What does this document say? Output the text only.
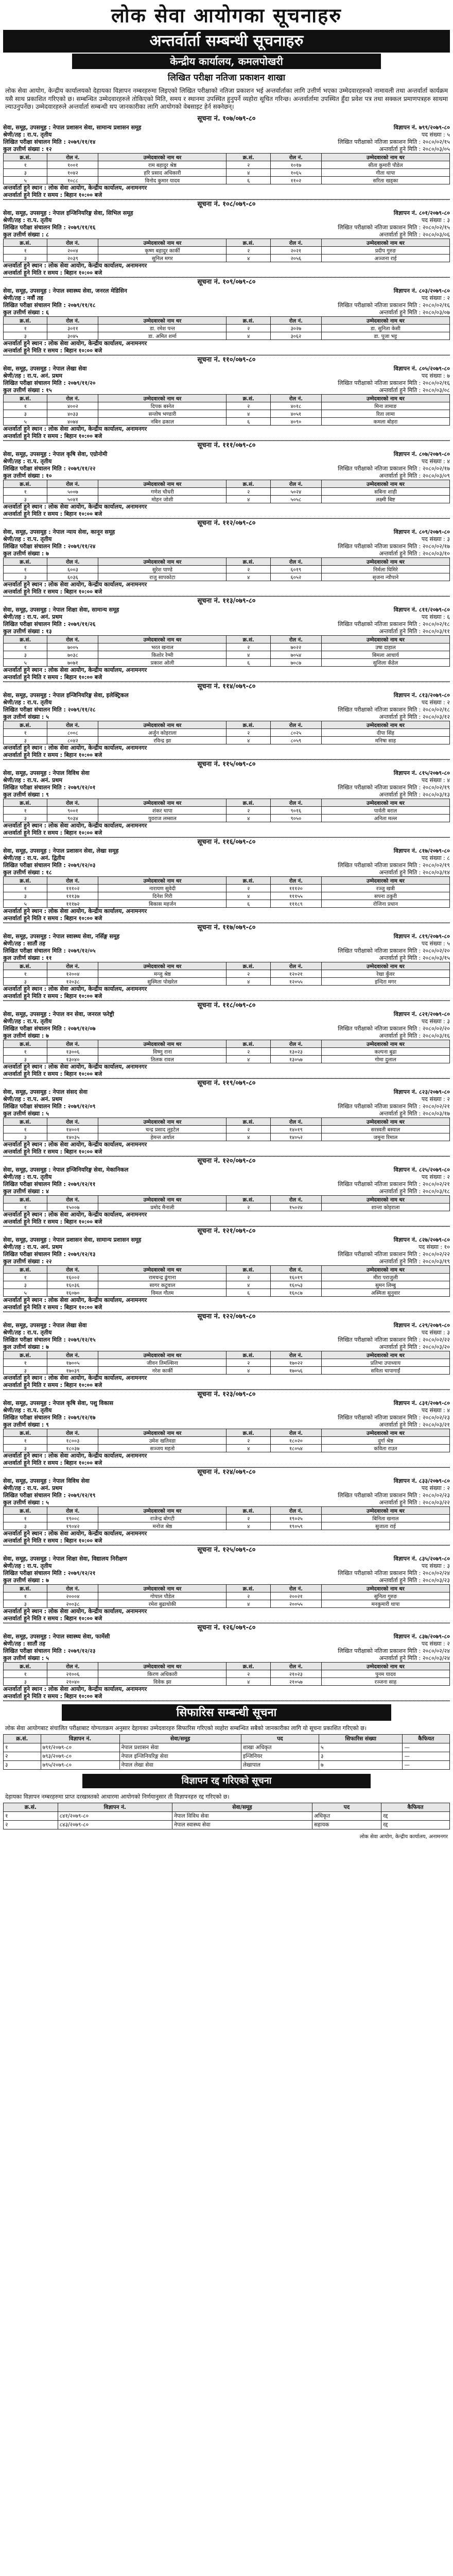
लोक सेवा आयोगका सूचनाहरु
अन्तर्वार्ता सम्बन्धी सूचनाहरु
केन्द्रीय कार्यालय, कमलपोखरी
लिखित परीक्षा नतिजा प्रकाशन शाखा
लोक सेवा आयोग, केन्द्रीय कार्यालयको देहायका विज्ञापन नम्बरहरुमा लिइएको लिखित परीक्षाको नतिजा प्रकाशन भई अन्तर्वार्ताका लागि उत्तीर्ण भएका उम्मेदवारहरुको नामावली तथा अन्तर्वार्ता कार्यक्रम यसै साथ प्रकाशित गरिएको छ। सम्बन्धित उम्मेदवारहरुले तोकिएको मिति, समय र स्थानमा उपस्थित हुनुपर्ने व्यहोरा सूचित गरिन्छ। अन्तर्वार्तामा उपस्थित हुँदा प्रवेश पत्र तथा सक्कल प्रमाणपत्रहरु साथमा ल्याउनुपर्नेछ। उम्मेदवारहरुले अन्तर्वार्ता सम्बन्धी थप जानकारीका लागि आयोगको वेबसाइट हेर्न सक्नेछन्।
सूचना नं. १०७/०७९-८०
सेवा, समूह, उपसमूह : नेपाल प्रशासन सेवा, सामान्य प्रशासन समूह	विज्ञापन नं. ७९९/२०७९-८०
श्रेणी/तह : रा.प. तृतीय	पद संख्या : ५
लिखित परीक्षा संचालन मिति : २०७९/११/१४	लिखित परीक्षाको नतिजा प्रकाशन मिति : २०८०/०२/१५
कुल उत्तीर्ण संख्या : १२	अन्तर्वार्ता हुने मिति : २०८०/०३/०५
क्र.सं.	रोल नं.	उम्मेदवारको नाम थर	क्र.सं.	रोल नं.	उम्मेदवारको नाम थर
१	१००१	राम बहादुर श्रेष्ठ	२	१०१७	सीता कुमारी पौडेल
३	१०४२	हरि प्रसाद अधिकारी	४	१०६५	गीता थापा
५	१०८८	विनोद कुमार यादव	६	११०२	सरिता खड्का
अन्तर्वार्ता हुने स्थान : लोक सेवा आयोग, केन्द्रीय कार्यालय, अनामनगर
अन्तर्वार्ता हुने मिति र समय : बिहान १०:०० बजे
सूचना नं. १०८/०७९-८०
सेवा, समूह, उपसमूह : नेपाल इन्जिनियरिङ्ग सेवा, सिभिल समूह	विज्ञापन नं. ८०१/२०७९-८०
श्रेणी/तह : रा.प. तृतीय	पद संख्या : ३
लिखित परीक्षा संचालन मिति : २०७९/११/१६	लिखित परीक्षाको नतिजा प्रकाशन मिति : २०८०/०२/१५
कुल उत्तीर्ण संख्या : ८	अन्तर्वार्ता हुने मिति : २०८०/०३/०६
क्र.सं.	रोल नं.	उम्मेदवारको नाम थर	क्र.सं.	रोल नं.	उम्मेदवारको नाम थर
१	२००४	कृष्ण बहादुर कार्की	२	२०२१	प्रदीप गुरुङ
३	२०३९	सुनिल मगर	४	२०५६	अञ्जना राई
अन्तर्वार्ता हुने स्थान : लोक सेवा आयोग, केन्द्रीय कार्यालय, अनामनगर
अन्तर्वार्ता हुने मिति र समय : बिहान १०:०० बजे
सूचना नं. १०९/०७९-८०
सेवा, समूह, उपसमूह : नेपाल स्वास्थ्य सेवा, जनरल मेडिसिन	विज्ञापन नं. ८०३/२०७९-८०
श्रेणी/तह : नवौं तह	पद संख्या : २
लिखित परीक्षा संचालन मिति : २०७९/११/१८	लिखित परीक्षाको नतिजा प्रकाशन मिति : २०८०/०२/१६
कुल उत्तीर्ण संख्या : ६	अन्तर्वार्ता हुने मिति : २०८०/०३/०७
क्र.सं.	रोल नं.	उम्मेदवारको नाम थर	क्र.सं.	रोल नं.	उम्मेदवारको नाम थर
१	३०११	डा. रमेश पन्त	२	३०२७	डा. सुनिता केसी
३	३०४५	डा. अमित शर्मा	४	३०६२	डा. पूजा भट्ट
अन्तर्वार्ता हुने स्थान : लोक सेवा आयोग, केन्द्रीय कार्यालय, अनामनगर
अन्तर्वार्ता हुने मिति र समय : बिहान १०:०० बजे
सूचना नं. ११०/०७९-८०
सेवा, समूह, उपसमूह : नेपाल लेखा सेवा	विज्ञापन नं. ८०५/२०७९-८०
श्रेणी/तह : रा.प. अनं. प्रथम	पद संख्या : ७
लिखित परीक्षा संचालन मिति : २०७९/११/२०	लिखित परीक्षाको नतिजा प्रकाशन मिति : २०८०/०२/१६
कुल उत्तीर्ण संख्या : १५	अन्तर्वार्ता हुने मिति : २०८०/०३/०८
क्र.सं.	रोल नं.	उम्मेदवारको नाम थर	क्र.सं.	रोल नं.	उम्मेदवारको नाम थर
१	४००२	दिपक बस्नेत	२	४०१८	मिना तामाङ
३	४०३३	सन्तोष भण्डारी	४	४०५१	रिता लामा
५	४०७४	नबिन ढकाल	६	४०९०	कमला बोहरा
अन्तर्वार्ता हुने स्थान : लोक सेवा आयोग, केन्द्रीय कार्यालय, अनामनगर
अन्तर्वार्ता हुने मिति र समय : बिहान १०:०० बजे
सूचना नं. १११/०७९-८०
सेवा, समूह, उपसमूह : नेपाल कृषि सेवा, एग्रोनोमी	विज्ञापन नं. ८०७/२०७९-८०
श्रेणी/तह : रा.प. तृतीय	पद संख्या : ४
लिखित परीक्षा संचालन मिति : २०७९/११/२२	लिखित परीक्षाको नतिजा प्रकाशन मिति : २०८०/०२/१७
कुल उत्तीर्ण संख्या : १०	अन्तर्वार्ता हुने मिति : २०८०/०३/०९
क्र.सं.	रोल नं.	उम्मेदवारको नाम थर	क्र.सं.	रोल नं.	उम्मेदवारको नाम थर
१	५००७	गणेश चौधरी	२	५०२४	सबिना शाही
३	५०४१	मोहन जोशी	४	५०५८	लक्ष्मी बिष्ट
अन्तर्वार्ता हुने स्थान : लोक सेवा आयोग, केन्द्रीय कार्यालय, अनामनगर
अन्तर्वार्ता हुने मिति र समय : बिहान १०:०० बजे
सूचना नं. ११२/०७९-८०
सेवा, समूह, उपसमूह : नेपाल न्याय सेवा, कानून समूह	विज्ञापन नं. ८०९/२०७९-८०
श्रेणी/तह : रा.प. तृतीय	पद संख्या : ३
लिखित परीक्षा संचालन मिति : २०७९/११/२४	लिखित परीक्षाको नतिजा प्रकाशन मिति : २०८०/०२/१७
कुल उत्तीर्ण संख्या : ७	अन्तर्वार्ता हुने मिति : २०८०/०३/१०
क्र.सं.	रोल नं.	उम्मेदवारको नाम थर	क्र.सं.	रोल नं.	उम्मेदवारको नाम थर
१	६००३	सुरेश पाण्डे	२	६०१९	निर्मला घिमिरे
३	६०३६	राजु सापकोटा	४	६०५२	सृजना न्यौपाने
अन्तर्वार्ता हुने स्थान : लोक सेवा आयोग, केन्द्रीय कार्यालय, अनामनगर
अन्तर्वार्ता हुने मिति र समय : बिहान १०:०० बजे
सूचना नं. ११३/०७९-८०
सेवा, समूह, उपसमूह : नेपाल शिक्षा सेवा, सामान्य समूह	विज्ञापन नं. ८११/२०७९-८०
श्रेणी/तह : रा.प. अनं. प्रथम	पद संख्या : ६
लिखित परीक्षा संचालन मिति : २०७९/११/२६	लिखित परीक्षाको नतिजा प्रकाशन मिति : २०८०/०२/१८
कुल उत्तीर्ण संख्या : १३	अन्तर्वार्ता हुने मिति : २०८०/०३/११
क्र.सं.	रोल नं.	उम्मेदवारको नाम थर	क्र.सं.	रोल नं.	उम्मेदवारको नाम थर
१	७००५	भरत खनाल	२	७०२२	उषा दाहाल
३	७०३८	किशोर रेग्मी	४	७०५४	बिमला आचार्य
५	७०७१	प्रकाश ओली	६	७०८७	सुशिला कँडेल
अन्तर्वार्ता हुने स्थान : लोक सेवा आयोग, केन्द्रीय कार्यालय, अनामनगर
अन्तर्वार्ता हुने मिति र समय : बिहान १०:०० बजे
सूचना नं. ११४/०७९-८०
सेवा, समूह, उपसमूह : नेपाल इन्जिनियरिङ्ग सेवा, इलेक्ट्रिकल	विज्ञापन नं. ८१३/२०७९-८०
श्रेणी/तह : रा.प. तृतीय	पद संख्या : २
लिखित परीक्षा संचालन मिति : २०७९/११/२८	लिखित परीक्षाको नतिजा प्रकाशन मिति : २०८०/०२/१८
कुल उत्तीर्ण संख्या : ५	अन्तर्वार्ता हुने मिति : २०८०/०३/१२
क्र.सं.	रोल नं.	उम्मेदवारको नाम थर	क्र.सं.	रोल नं.	उम्मेदवारको नाम थर
१	८००८	अर्जुन कोइराला	२	८०२५	दीपा सिंह
३	८०४२	रविन्द्र झा	४	८०५९	मनिषा साह
अन्तर्वार्ता हुने स्थान : लोक सेवा आयोग, केन्द्रीय कार्यालय, अनामनगर
अन्तर्वार्ता हुने मिति र समय : बिहान १०:०० बजे
सूचना नं. ११५/०७९-८०
सेवा, समूह, उपसमूह : नेपाल विविध सेवा	विज्ञापन नं. ८१५/२०७९-८०
श्रेणी/तह : रा.प. अनं. प्रथम	पद संख्या : ४
लिखित परीक्षा संचालन मिति : २०७९/१२/०१	लिखित परीक्षाको नतिजा प्रकाशन मिति : २०८०/०२/१९
कुल उत्तीर्ण संख्या : ९	अन्तर्वार्ता हुने मिति : २०८०/०३/१३
क्र.सं.	रोल नं.	उम्मेदवारको नाम थर	क्र.सं.	रोल नं.	उम्मेदवारको नाम थर
१	९००१	शंकर थापा	२	९०१६	पार्वती बराल
३	९०३४	युवराज लम्साल	४	९०५०	अनिता मल्ल
अन्तर्वार्ता हुने स्थान : लोक सेवा आयोग, केन्द्रीय कार्यालय, अनामनगर
अन्तर्वार्ता हुने मिति र समय : बिहान १०:०० बजे
सूचना नं. ११६/०७९-८०
सेवा, समूह, उपसमूह : नेपाल प्रशासन सेवा, लेखा समूह	विज्ञापन नं. ८१७/२०७९-८०
श्रेणी/तह : रा.प. अनं. द्वितीय	पद संख्या : ८
लिखित परीक्षा संचालन मिति : २०७९/१२/०३	लिखित परीक्षाको नतिजा प्रकाशन मिति : २०८०/०२/१९
कुल उत्तीर्ण संख्या : १८	अन्तर्वार्ता हुने मिति : २०८०/०३/१४
क्र.सं.	रोल नं.	उम्मेदवारको नाम थर	क्र.सं.	रोल नं.	उम्मेदवारको नाम थर
१	१११०२	नारायण सुवेदी	२	१११२०	रञ्जु खत्री
३	१११३७	दिनेश गिरी	४	१११५५	सपना ठकुरी
५	१११७२	बिकास महर्जन	६	१११८९	रोजिना प्रधान
अन्तर्वार्ता हुने स्थान : लोक सेवा आयोग, केन्द्रीय कार्यालय, अनामनगर
अन्तर्वार्ता हुने मिति र समय : बिहान १०:०० बजे
सूचना नं. ११७/०७९-८०
सेवा, समूह, उपसमूह : नेपाल स्वास्थ्य सेवा, नर्सिङ्ग समूह	विज्ञापन नं. ८१९/२०७९-८०
श्रेणी/तह : सातौं तह	पद संख्या : ५
लिखित परीक्षा संचालन मिति : २०७९/१२/०५	लिखित परीक्षाको नतिजा प्रकाशन मिति : २०८०/०२/२०
कुल उत्तीर्ण संख्या : ११	अन्तर्वार्ता हुने मिति : २०८०/०३/१५
क्र.सं.	रोल नं.	उम्मेदवारको नाम थर	क्र.सं.	रोल नं.	उम्मेदवारको नाम थर
१	१२००४	मन्जु श्रेष्ठ	२	१२०२१	रेखा कुँवर
३	१२०३८	सुस्मिता पोखरेल	४	१२०५५	इन्दिरा मगर
अन्तर्वार्ता हुने स्थान : लोक सेवा आयोग, केन्द्रीय कार्यालय, अनामनगर
अन्तर्वार्ता हुने मिति र समय : बिहान १०:०० बजे
सूचना नं. ११८/०७९-८०
सेवा, समूह, उपसमूह : नेपाल वन सेवा, जनरल फरेष्ट्री	विज्ञापन नं. ८२१/२०७९-८०
श्रेणी/तह : रा.प. तृतीय	पद संख्या : ३
लिखित परीक्षा संचालन मिति : २०७९/१२/०७	लिखित परीक्षाको नतिजा प्रकाशन मिति : २०८०/०२/२०
कुल उत्तीर्ण संख्या : ७	अन्तर्वार्ता हुने मिति : २०८०/०३/१६
क्र.सं.	रोल नं.	उम्मेदवारको नाम थर	क्र.सं.	रोल नं.	उम्मेदवारको नाम थर
१	१३००६	विष्णु राना	२	१३०२३	कल्पना बुढा
३	१३०४०	तिलक रावल	४	१३०५७	गोमा दुलाल
अन्तर्वार्ता हुने स्थान : लोक सेवा आयोग, केन्द्रीय कार्यालय, अनामनगर
अन्तर्वार्ता हुने मिति र समय : बिहान १०:०० बजे
सूचना नं. ११९/०७९-८०
सेवा, समूह, उपसमूह : नेपाल संसद सेवा	विज्ञापन नं. ८२३/२०७९-८०
श्रेणी/तह : रा.प. अनं. प्रथम	पद संख्या : २
लिखित परीक्षा संचालन मिति : २०७९/१२/०९	लिखित परीक्षाको नतिजा प्रकाशन मिति : २०८०/०२/२१
कुल उत्तीर्ण संख्या : ५	अन्तर्वार्ता हुने मिति : २०८०/०३/१७
क्र.सं.	रोल नं.	उम्मेदवारको नाम थर	क्र.सं.	रोल नं.	उम्मेदवारको नाम थर
१	१४००१	चन्द्र प्रसाद लुइटेल	२	१४०१९	सरस्वती बस्याल
३	१४०३५	हेमन्त अर्याल	४	१४०५२	जमुना रिमाल
अन्तर्वार्ता हुने स्थान : लोक सेवा आयोग, केन्द्रीय कार्यालय, अनामनगर
अन्तर्वार्ता हुने मिति र समय : बिहान १०:०० बजे
सूचना नं. १२०/०७९-८०
सेवा, समूह, उपसमूह : नेपाल इन्जिनियरिङ्ग सेवा, मेकानिकल	विज्ञापन नं. ८२५/२०७९-८०
श्रेणी/तह : रा.प. तृतीय	पद संख्या : २
लिखित परीक्षा संचालन मिति : २०७९/१२/११	लिखित परीक्षाको नतिजा प्रकाशन मिति : २०८०/०२/२१
कुल उत्तीर्ण संख्या : ४	अन्तर्वार्ता हुने मिति : २०८०/०३/१८
क्र.सं.	रोल नं.	उम्मेदवारको नाम थर	क्र.सं.	रोल नं.	उम्मेदवारको नाम थर
१	१५००७	प्रमोद मैनाली	२	१५०२४	शान्ता कोइराला
अन्तर्वार्ता हुने स्थान : लोक सेवा आयोग, केन्द्रीय कार्यालय, अनामनगर
अन्तर्वार्ता हुने मिति र समय : बिहान १०:०० बजे
सूचना नं. १२१/०७९-८०
सेवा, समूह, उपसमूह : नेपाल प्रशासन सेवा, सामान्य प्रशासन समूह	विज्ञापन नं. ८२७/२०७९-८०
श्रेणी/तह : रा.प. अनं. प्रथम	पद संख्या : १०
लिखित परीक्षा संचालन मिति : २०७९/१२/१३	लिखित परीक्षाको नतिजा प्रकाशन मिति : २०८०/०२/२२
कुल उत्तीर्ण संख्या : २२	अन्तर्वार्ता हुने मिति : २०८०/०३/१९
क्र.सं.	रोल नं.	उम्मेदवारको नाम थर	क्र.सं.	रोल नं.	उम्मेदवारको नाम थर
१	१६००२	रामचन्द्र ढुंगाना	२	१६०१९	मीरा पराजुली
३	१६०३६	सागर कटुवाल	४	१६०५३	सुमन लिम्बु
५	१६०७०	विमल गौतम	६	१६०८७	अस्मिता सुनुवार
अन्तर्वार्ता हुने स्थान : लोक सेवा आयोग, केन्द्रीय कार्यालय, अनामनगर
अन्तर्वार्ता हुने मिति र समय : बिहान १०:०० बजे
सूचना नं. १२२/०७९-८०
सेवा, समूह, उपसमूह : नेपाल लेखा सेवा	विज्ञापन नं. ८२९/२०७९-८०
श्रेणी/तह : रा.प. तृतीय	पद संख्या : ३
लिखित परीक्षा संचालन मिति : २०७९/१२/१५	लिखित परीक्षाको नतिजा प्रकाशन मिति : २०८०/०२/२२
कुल उत्तीर्ण संख्या : ७	अन्तर्वार्ता हुने मिति : २०८०/०३/२०
क्र.सं.	रोल नं.	उम्मेदवारको नाम थर	क्र.सं.	रोल नं.	उम्मेदवारको नाम थर
१	१७००५	जीवन तिमल्सिना	२	१७०२२	प्रतिभा उपाध्याय
३	१७०३९	नरेश कार्की	४	१७०५६	सविता चापागाईं
अन्तर्वार्ता हुने स्थान : लोक सेवा आयोग, केन्द्रीय कार्यालय, अनामनगर
अन्तर्वार्ता हुने मिति र समय : बिहान १०:०० बजे
सूचना नं. १२३/०७९-८०
सेवा, समूह, उपसमूह : नेपाल कृषि सेवा, पशु विकास	विज्ञापन नं. ८३१/२०७९-८०
श्रेणी/तह : रा.प. तृतीय	पद संख्या : ४
लिखित परीक्षा संचालन मिति : २०७९/१२/१७	लिखित परीक्षाको नतिजा प्रकाशन मिति : २०८०/०२/२३
कुल उत्तीर्ण संख्या : ९	अन्तर्वार्ता हुने मिति : २०८०/०३/२१
क्र.सं.	रोल नं.	उम्मेदवारको नाम थर	क्र.सं.	रोल नं.	उम्मेदवारको नाम थर
१	१८००३	उमेश खतिवडा	२	१८०२०	दुर्गा श्रेष्ठ
३	१८०३७	सञ्जय महतो	४	१८०५४	कविता राउत
अन्तर्वार्ता हुने स्थान : लोक सेवा आयोग, केन्द्रीय कार्यालय, अनामनगर
अन्तर्वार्ता हुने मिति र समय : बिहान १०:०० बजे
सूचना नं. १२४/०७९-८०
सेवा, समूह, उपसमूह : नेपाल विविध सेवा	विज्ञापन नं. ८३३/२०७९-८०
श्रेणी/तह : रा.प. अनं. प्रथम	पद संख्या : २
लिखित परीक्षा संचालन मिति : २०७९/१२/१९	लिखित परीक्षाको नतिजा प्रकाशन मिति : २०८०/०२/२३
कुल उत्तीर्ण संख्या : ५	अन्तर्वार्ता हुने मिति : २०८०/०३/२२
क्र.सं.	रोल नं.	उम्मेदवारको नाम थर	क्र.सं.	रोल नं.	उम्मेदवारको नाम थर
१	१९००८	राजेन्द्र बोगटी	२	१९०२५	बिनिता खनाल
३	१९०४२	मनोज श्रेष्ठ	४	१९०५९	सुजाता राई
अन्तर्वार्ता हुने स्थान : लोक सेवा आयोग, केन्द्रीय कार्यालय, अनामनगर
अन्तर्वार्ता हुने मिति र समय : बिहान १०:०० बजे
सूचना नं. १२५/०७९-८०
सेवा, समूह, उपसमूह : नेपाल शिक्षा सेवा, विद्यालय निरीक्षण	विज्ञापन नं. ८३५/२०७९-८०
श्रेणी/तह : रा.प. तृतीय	पद संख्या : ३
लिखित परीक्षा संचालन मिति : २०७९/१२/२१	लिखित परीक्षाको नतिजा प्रकाशन मिति : २०८०/०२/२४
कुल उत्तीर्ण संख्या : ७	अन्तर्वार्ता हुने मिति : २०८०/०३/२३
क्र.सं.	रोल नं.	उम्मेदवारको नाम थर	क्र.सं.	रोल नं.	उम्मेदवारको नाम थर
१	२०००४	गोपाल पौडेल	२	२००२१	सुनिता गुरुङ
३	२००३८	रमेश बुढाथोकी	४	२००५५	मनकुमारी थापा
अन्तर्वार्ता हुने स्थान : लोक सेवा आयोग, केन्द्रीय कार्यालय, अनामनगर
अन्तर्वार्ता हुने मिति र समय : बिहान १०:०० बजे
सूचना नं. १२६/०७९-८०
सेवा, समूह, उपसमूह : नेपाल स्वास्थ्य सेवा, फार्मेसी	विज्ञापन नं. ८३७/२०७९-८०
श्रेणी/तह : सातौं तह	पद संख्या : २
लिखित परीक्षा संचालन मिति : २०७९/१२/२३	लिखित परीक्षाको नतिजा प्रकाशन मिति : २०८०/०२/२४
कुल उत्तीर्ण संख्या : ५	अन्तर्वार्ता हुने मिति : २०८०/०३/२४
क्र.सं.	रोल नं.	उम्मेदवारको नाम थर	क्र.सं.	रोल नं.	उम्मेदवारको नाम थर
१	२१००६	किरण अधिकारी	२	२१०२३	पुनम यादव
३	२१०४०	विवेक झा	४	२१०५७	रञ्जना साह
अन्तर्वार्ता हुने स्थान : लोक सेवा आयोग, केन्द्रीय कार्यालय, अनामनगर
अन्तर्वार्ता हुने मिति र समय : बिहान १०:०० बजे
सिफारिस सम्बन्धी सूचना
लोक सेवा आयोगबाट संचालित परीक्षाबाट योग्यताक्रम अनुसार देहायका उम्मेदवारहरु सिफारिस गरिएको व्यहोरा सम्बन्धित सबैको जानकारीका लागि यो सूचना प्रकाशित गरिएको छ।
क्र.सं.	विज्ञापन नं.	सेवा/समूह	पद	सिफारिस संख्या	कैफियत
१	७९१/२०७९-८०	नेपाल प्रशासन सेवा	शाखा अधिकृत	५	—
२	७९३/२०७९-८०	नेपाल इन्जिनियरिङ्ग सेवा	इन्जिनियर	३	—
३	७९५/२०७९-८०	नेपाल लेखा सेवा	लेखापाल	७	—
विज्ञापन रद्द गरिएको सूचना
देहायका विज्ञापन नम्बरहरुमा प्राप्त दरखास्तको आधारमा आयोगको निर्णयानुसार ती विज्ञापनहरु रद्द गरिएको छ।
क्र.सं.	विज्ञापन नं.	सेवा/समूह	पद	कैफियत
१	८४१/२०७९-८०	नेपाल विविध सेवा	अधिकृत	रद्द
२	८४३/२०७९-८०	नेपाल स्वास्थ्य सेवा	सहायक	रद्द
लोक सेवा आयोग, केन्द्रीय कार्यालय, अनामनगर
